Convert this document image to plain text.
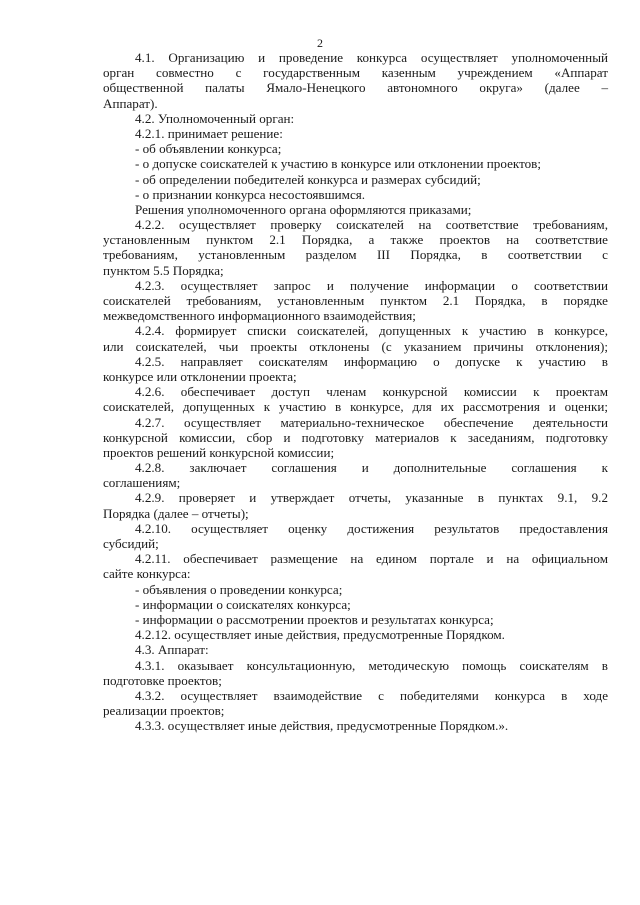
2
4.1. Организацию и проведение конкурса осуществляет уполномоченный
орган совместно с государственным казенным учреждением «Аппарат
общественной палаты Ямало-Ненецкого автономного округа» (далее –
Аппарат).
4.2. Уполномоченный орган:
4.2.1. принимает решение:
- об объявлении конкурса;
- о допуске соискателей к участию в конкурсе или отклонении проектов;
- об определении победителей конкурса и размерах субсидий;
- о признании конкурса несостоявшимся.
Решения уполномоченного органа оформляются приказами;
4.2.2. осуществляет проверку соискателей на соответствие требованиям,
установленным пунктом 2.1 Порядка, а также проектов на соответствие
требованиям, установленным разделом III Порядка, в соответствии с
пунктом 5.5 Порядка;
4.2.3. осуществляет запрос и получение информации о соответствии
соискателей требованиям, установленным пунктом 2.1 Порядка, в порядке
межведомственного информационного взаимодействия;
4.2.4. формирует списки соискателей, допущенных к участию в конкурсе,
или соискателей, чьи проекты отклонены (с указанием причины отклонения);
4.2.5. направляет соискателям информацию о допуске к участию в
конкурсе или отклонении проекта;
4.2.6. обеспечивает доступ членам конкурсной комиссии к проектам
соискателей, допущенных к участию в конкурсе, для их рассмотрения и оценки;
4.2.7. осуществляет материально-техническое обеспечение деятельности
конкурсной комиссии, сбор и подготовку материалов к заседаниям, подготовку
проектов решений конкурсной комиссии;
4.2.8. заключает соглашения и дополнительные соглашения к
соглашениям;
4.2.9. проверяет и утверждает отчеты, указанные в пунктах 9.1, 9.2
Порядка (далее – отчеты);
4.2.10. осуществляет оценку достижения результатов предоставления
субсидий;
4.2.11. обеспечивает размещение на едином портале и на официальном
сайте конкурса:
- объявления о проведении конкурса;
- информации о соискателях конкурса;
- информации о рассмотрении проектов и результатах конкурса;
4.2.12. осуществляет иные действия, предусмотренные Порядком.
4.3. Аппарат:
4.3.1. оказывает консультационную, методическую помощь соискателям в
подготовке проектов;
4.3.2. осуществляет взаимодействие с победителями конкурса в ходе
реализации проектов;
4.3.3. осуществляет иные действия, предусмотренные Порядком.».
